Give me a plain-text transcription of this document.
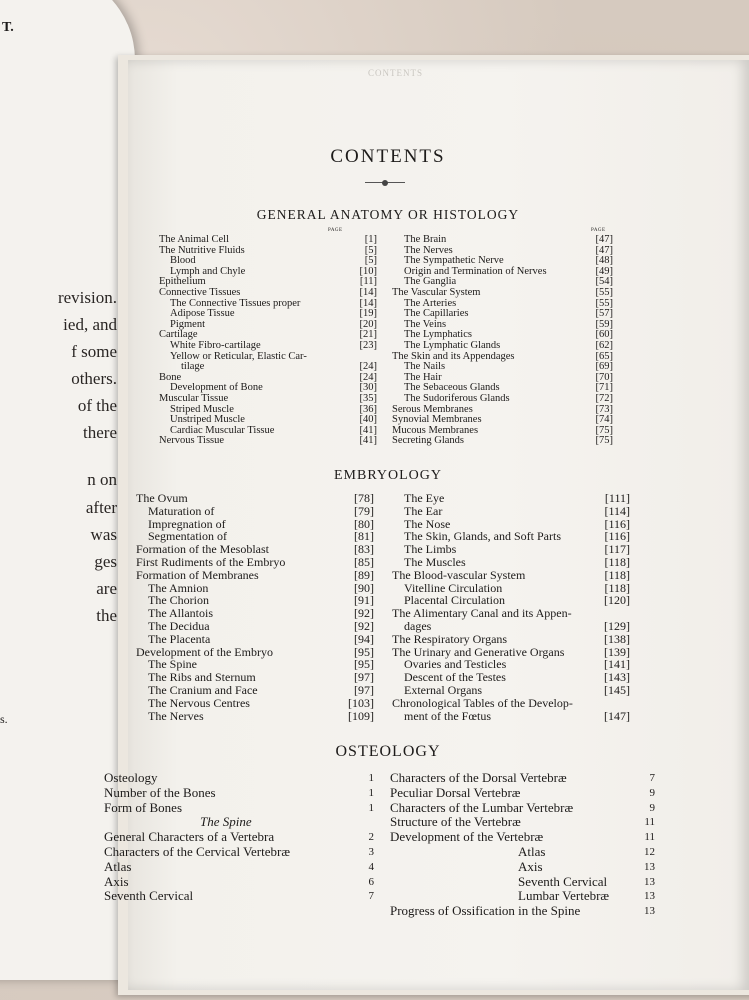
T.
revision.
ied, and
f some
others.
of the
there
n on
after
was
ges
are
the
s.
CONTENTS
CONTENTS
GENERAL ANATOMY OR HISTOLOGY
PAGE	PAGE
The Animal Cell	[ 1 ]
The Nutritive Fluids	[ 5 ]
Blood	[ 5 ]
Lymph and Chyle	[ 10 ]
Epithelium	[ 11 ]
Connective Tissues	[ 14 ]
The Connective Tissues proper	[ 14 ]
Adipose Tissue	[ 19 ]
Pigment	[ 20 ]
Cartilage	[ 21 ]
White Fibro-cartilage	[ 23 ]
Yellow or Reticular, Elastic Car-
tilage	[ 24 ]
Bone	[ 24 ]
Development of Bone	[ 30 ]
Muscular Tissue	[ 35 ]
Striped Muscle	[ 36 ]
Unstriped Muscle	[ 40 ]
Cardiac Muscular Tissue	[ 41 ]
Nervous Tissue	[ 41 ]
The Brain	[ 47 ]
The Nerves	[ 47 ]
The Sympathetic Nerve	[ 48 ]
Origin and Termination of Nerves	[ 49 ]
The Ganglia	[ 54 ]
The Vascular System	[ 55 ]
The Arteries	[ 55 ]
The Capillaries	[ 57 ]
The Veins	[ 59 ]
The Lymphatics	[ 60 ]
The Lymphatic Glands	[ 62 ]
The Skin and its Appendages	[ 65 ]
The Nails	[ 69 ]
The Hair	[ 70 ]
The Sebaceous Glands	[ 71 ]
The Sudoriferous Glands	[ 72 ]
Serous Membranes	[ 73 ]
Synovial Membranes	[ 74 ]
Mucous Membranes	[ 75 ]
Secreting Glands	[ 75 ]
EMBRYOLOGY
The Ovum	[ 78 ]
Maturation of	[ 79 ]
Impregnation of	[ 80 ]
Segmentation of	[ 81 ]
Formation of the Mesoblast	[ 83 ]
First Rudiments of the Embryo	[ 85 ]
Formation of Membranes	[ 89 ]
The Amnion	[ 90 ]
The Chorion	[ 91 ]
The Allantois	[ 92 ]
The Decidua	[ 92 ]
The Placenta	[ 94 ]
Development of the Embryo	[ 95 ]
The Spine	[ 95 ]
The Ribs and Sternum	[ 97 ]
The Cranium and Face	[ 97 ]
The Nervous Centres	[ 103 ]
The Nerves	[ 109 ]
The Eye	[ 111 ]
The Ear	[ 114 ]
The Nose	[ 116 ]
The Skin, Glands, and Soft Parts	[ 116 ]
The Limbs	[ 117 ]
The Muscles	[ 118 ]
The Blood-vascular System	[ 118 ]
Vitelline Circulation	[ 118 ]
Placental Circulation	[ 120 ]
The Alimentary Canal and its Appen-
dages	[ 129 ]
The Respiratory Organs	[ 138 ]
The Urinary and Generative Organs	[ 139 ]
Ovaries and Testicles	[ 141 ]
Descent of the Testes	[ 143 ]
External Organs	[ 145 ]
Chronological Tables of the Develop-
ment of the Fœtus	[ 147 ]
OSTEOLOGY
Osteology	1
Number of the Bones	1
Form of Bones	1
The Spine
General Characters of a Vertebra	2
Characters of the Cervical Vertebræ	3
Atlas	4
Axis	6
Seventh Cervical	7
Characters of the Dorsal Vertebræ	7
Peculiar Dorsal Vertebræ	9
Characters of the Lumbar Vertebræ	9
Structure of the Vertebræ	11
Development of the Vertebræ	11
Atlas	12
Axis	13
Seventh Cervical	13
Lumbar Vertebræ	13
Progress of Ossification in the Spine	13
